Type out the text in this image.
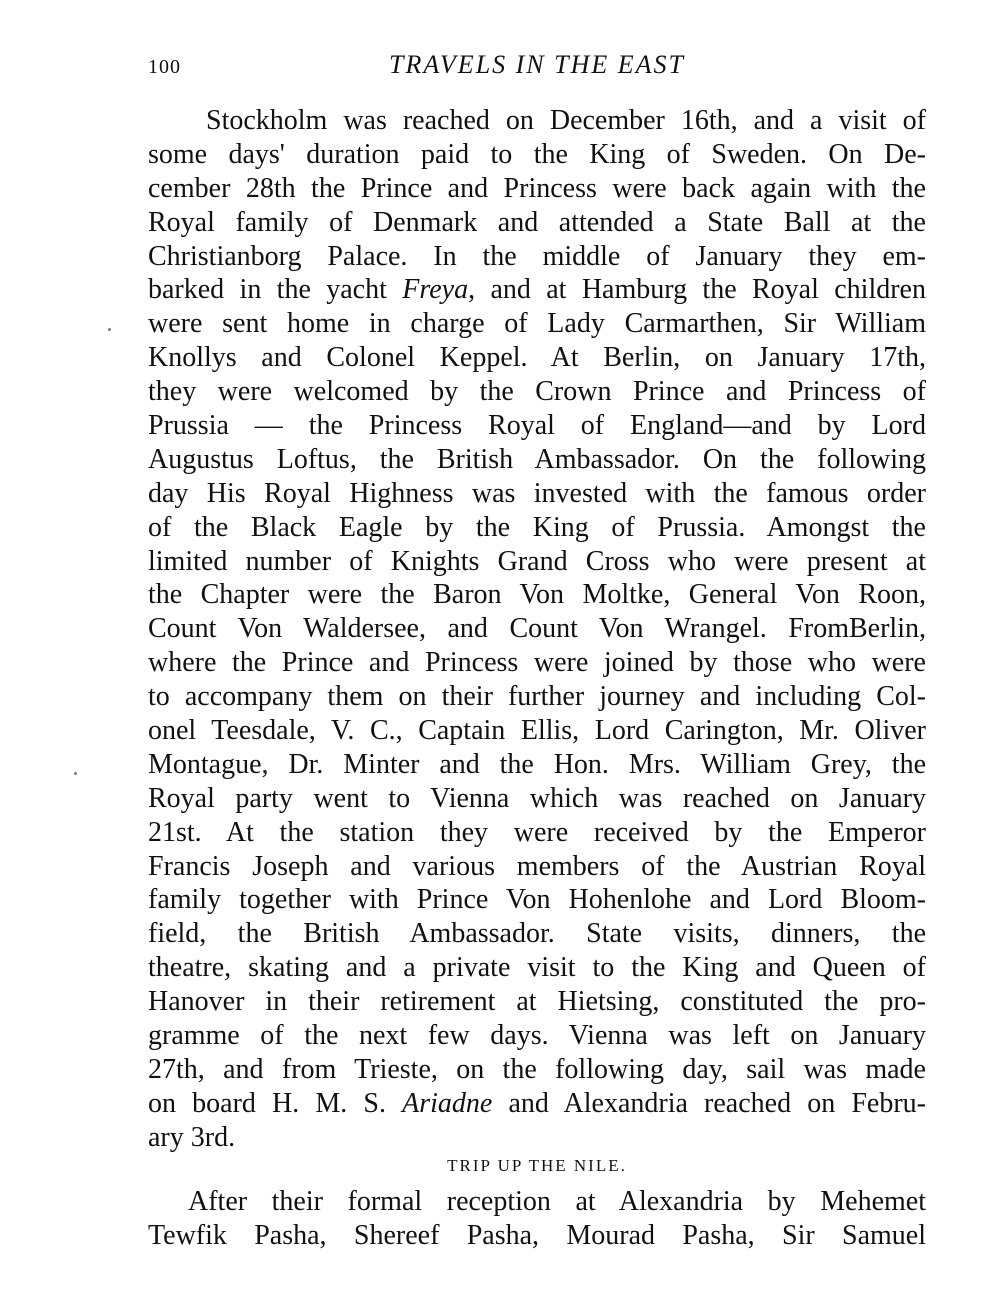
100	TRAVELS IN THE EAST
Stockholm was reached on December 16th, and a visit of
some days' duration paid to the King of Sweden. On De-
cember 28th the Prince and Princess were back again with the
Royal family of Denmark and attended a State Ball at the
Christianborg Palace. In the middle of January they em-
barked in the yacht Freya, and at Hamburg the Royal children
were sent home in charge of Lady Carmarthen, Sir William
Knollys and Colonel Keppel. At Berlin, on January 17th,
they were welcomed by the Crown Prince and Princess of
Prussia — the Princess Royal of England—and by Lord
Augustus Loftus, the British Ambassador. On the following
day His Royal Highness was invested with the famous order
of the Black Eagle by the King of Prussia. Amongst the
limited number of Knights Grand Cross who were present at
the Chapter were the Baron Von Moltke, General Von Roon,
Count Von Waldersee, and Count Von Wrangel. FromBerlin,
where the Prince and Princess were joined by those who were
to accompany them on their further journey and including Col-
onel Teesdale, V. C., Captain Ellis, Lord Carington, Mr. Oliver
Montague, Dr. Minter and the Hon. Mrs. William Grey, the
Royal party went to Vienna which was reached on January
21st. At the station they were received by the Emperor
Francis Joseph and various members of the Austrian Royal
family together with Prince Von Hohenlohe and Lord Bloom-
field, the British Ambassador. State visits, dinners, the
theatre, skating and a private visit to the King and Queen of
Hanover in their retirement at Hietsing, constituted the pro-
gramme of the next few days. Vienna was left on January
27th, and from Trieste, on the following day, sail was made
on board H. M. S. Ariadne and Alexandria reached on Febru-
ary 3rd.
TRIP UP THE NILE.
After their formal reception at Alexandria by Mehemet
Tewfik Pasha, Shereef Pasha, Mourad Pasha, Sir Samuel
